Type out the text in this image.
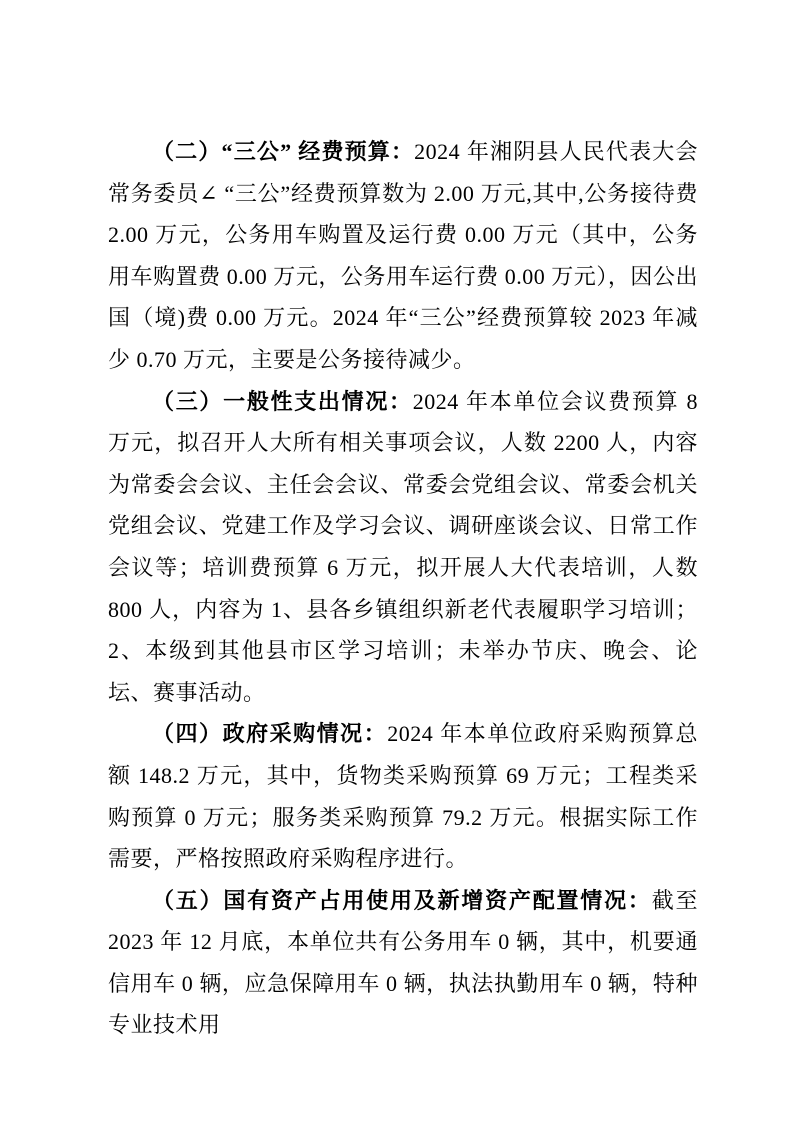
（二）“三公” 经费预算：2024 年湘阴县人民代表大会常务委员∠ “三公”经费预算数为 2.00 万元,其中,公务接待费 2.00 万元，公务用车购置及运行费 0.00 万元（其中，公务用车购置费 0.00 万元，公务用车运行费 0.00 万元），因公出国（境)费 0.00 万元。2024 年“三公”经费预算较 2023 年减少 0.70 万元，主要是公务接待减少。

（三）一般性支出情况：2024 年本单位会议费预算 8 万元，拟召开人大所有相关事项会议，人数 2200 人，内容为常委会会议、主任会会议、常委会党组会议、常委会机关党组会议、党建工作及学习会议、调研座谈会议、日常工作会议等；培训费预算 6 万元，拟开展人大代表培训，人数 800 人，内容为 1、县各乡镇组织新老代表履职学习培训；2、本级到其他县市区学习培训；未举办节庆、晚会、论坛、赛事活动。

（四）政府采购情况：2024 年本单位政府采购预算总额 148.2 万元，其中，货物类采购预算 69 万元；工程类采购预算 0 万元；服务类采购预算 79.2 万元。根据实际工作需要，严格按照政府采购程序进行。

（五）国有资产占用使用及新增资产配置情况：截至 2023 年 12 月底，本单位共有公务用车 0 辆，其中，机要通信用车 0 辆，应急保障用车 0 辆，执法执勤用车 0 辆，特种专业技术用
